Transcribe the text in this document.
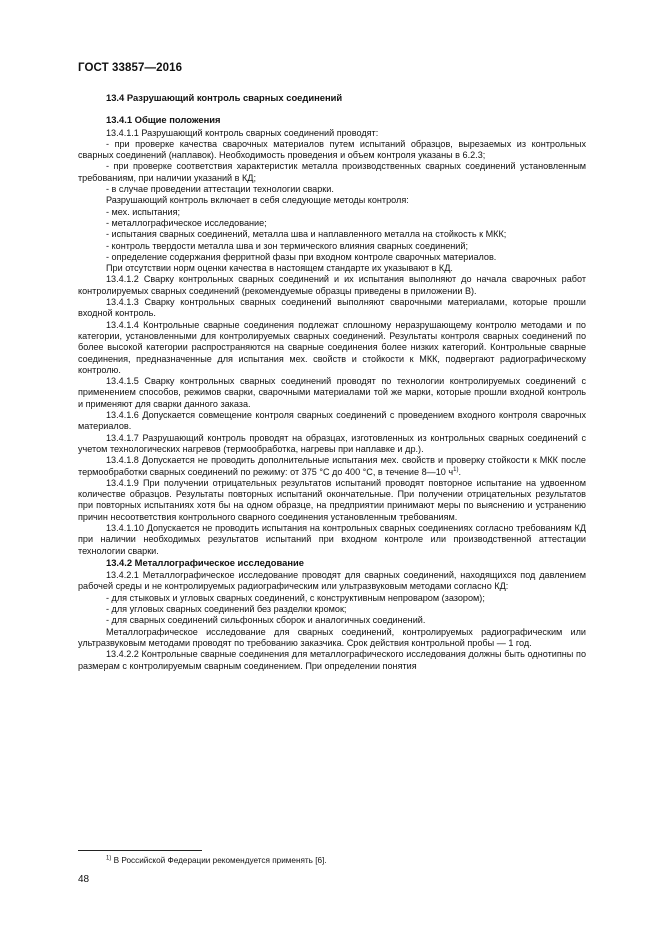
ГОСТ 33857—2016

13.4 Разрушающий контроль сварных соединений

13.4.1 Общие положения

13.4.1.1 Разрушающий контроль сварных соединений проводят:

- при проверке качества сварочных материалов путем испытаний образцов, вырезаемых из контрольных сварных соединений (наплавок). Необходимость проведения и объем контроля указаны в 6.2.3;

- при проверке соответствия характеристик металла производственных сварных соединений установленным требованиям, при наличии указаний в КД;

- в случае проведении аттестации технологии сварки.

Разрушающий контроль включает в себя следующие методы контроля:

- мех. испытания;

- металлографическое исследование;

- испытания сварных соединений, металла шва и наплавленного металла на стойкость к МКК;

- контроль твердости металла шва и зон термического влияния сварных соединений;

- определение содержания ферритной фазы при входном контроле сварочных материалов.

При отсутствии норм оценки качества в настоящем стандарте их указывают в КД.

13.4.1.2 Сварку контрольных сварных соединений и их испытания выполняют до начала сварочных работ контролируемых сварных соединений (рекомендуемые образцы приведены в приложении В).

13.4.1.3 Сварку контрольных сварных соединений выполняют сварочными материалами, которые прошли входной контроль.

13.4.1.4 Контрольные сварные соединения подлежат сплошному неразрушающему контролю методами и по категории, установленными для контролируемых сварных соединений. Результаты контроля сварных соединений по более высокой категории распространяются на сварные соединения более низких категорий. Контрольные сварные соединения, предназначенные для испытания мех. свойств и стойкости к МКК, подвергают радиографическому контролю.

13.4.1.5 Сварку контрольных сварных соединений проводят по технологии контролируемых соединений с применением способов, режимов сварки, сварочными материалами той же марки, которые прошли входной контроль и применяют для сварки данного заказа.

13.4.1.6 Допускается совмещение контроля сварных соединений с проведением входного контроля сварочных материалов.

13.4.1.7 Разрушающий контроль проводят на образцах, изготовленных из контрольных сварных соединений с учетом технологических нагревов (термообработка, нагревы при наплавке и др.).

13.4.1.8 Допускается не проводить дополнительные испытания мех. свойств и проверку стойкости к МКК после термообработки сварных соединений по режиму: от 375 °С до 400 °С, в течение 8—10 $ч^{1)}$.

13.4.1.9 При получении отрицательных результатов испытаний проводят повторное испытание на удвоенном количестве образцов. Результаты повторных испытаний окончательные. При получении отрицательных результатов при повторных испытаниях хотя бы на одном образце, на предприятии принимают меры по выяснению и устранению причин несоответствия контрольного сварного соединения установленным требованиям.

13.4.1.10 Допускается не проводить испытания на контрольных сварных соединениях согласно требованиям КД при наличии необходимых результатов испытаний при входном контроле или производственной аттестации технологии сварки.

13.4.2 Металлографическое исследование

13.4.2.1 Металлографическое исследование проводят для сварных соединений, находящихся под давлением рабочей среды и не контролируемых радиографическим или ультразвуковым методами согласно КД:

- для стыковых и угловых сварных соединений, с конструктивным непроваром (зазором);

- для угловых сварных соединений без разделки кромок;

- для сварных соединений сильфонных сборок и аналогичных соединений.

Металлографическое исследование для сварных соединений, контролируемых радиографическим или ультразвуковым методами проводят по требованию заказчика. Срок действия контрольной пробы — 1 год.

13.4.2.2 Контрольные сварные соединения для металлографического исследования должны быть однотипны по размерам с контролируемым сварным соединением. При определении понятия

$^{1)}$ В Российской Федерации рекомендуется применять [6].
48
